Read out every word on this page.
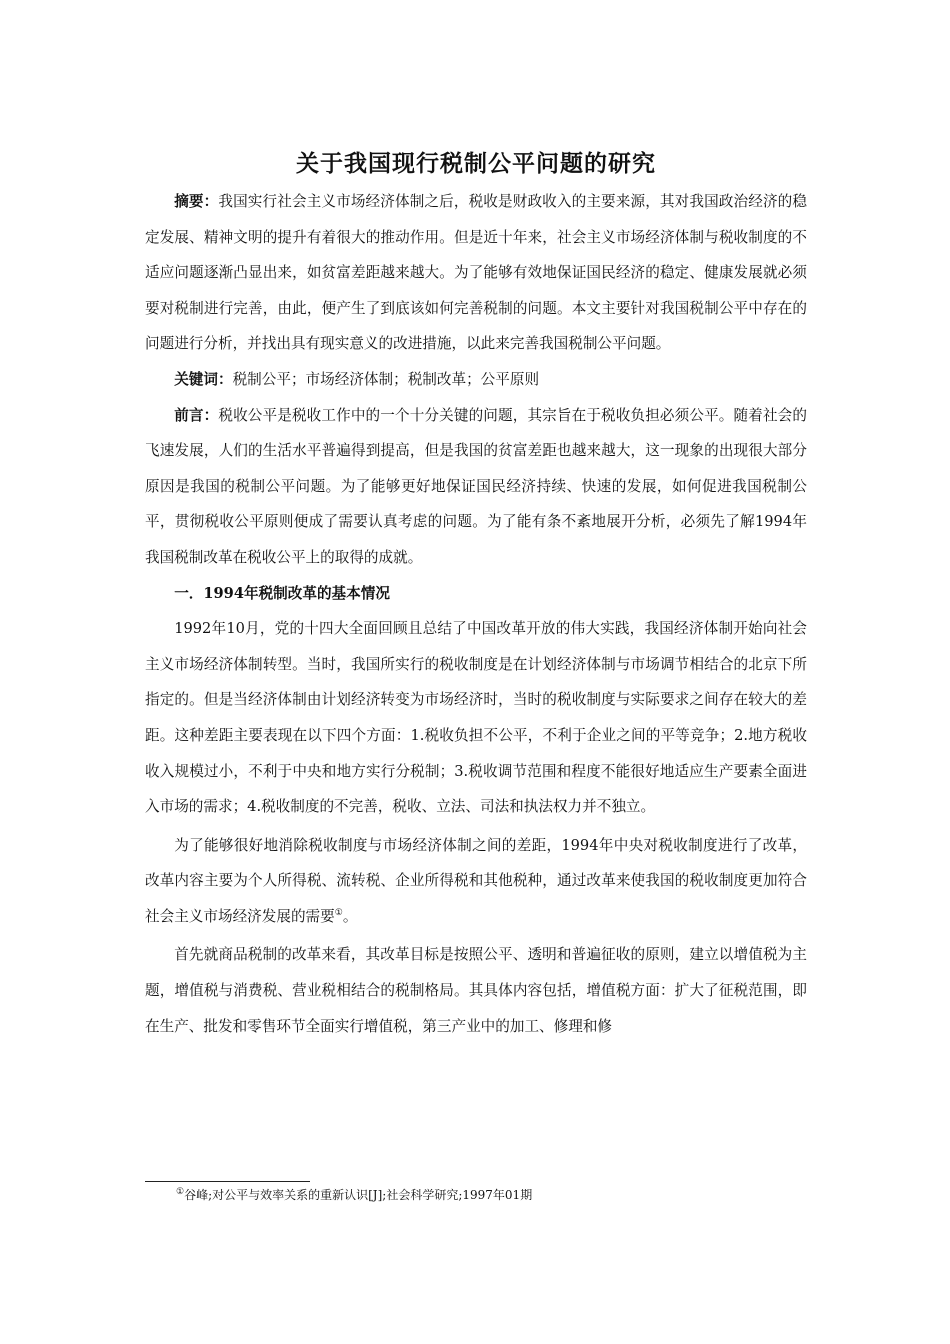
关于我国现行税制公平问题的研究

摘要：我国实行社会主义市场经济体制之后，税收是财政收入的主要来源，其对我国政治经济的稳定发展、精神文明的提升有着很大的推动作用。但是近十年来，社会主义市场经济体制与税收制度的不适应问题逐渐凸显出来，如贫富差距越来越大。为了能够有效地保证国民经济的稳定、健康发展就必须要对税制进行完善，由此，便产生了到底该如何完善税制的问题。本文主要针对我国税制公平中存在的问题进行分析，并找出具有现实意义的改进措施，以此来完善我国税制公平问题。

关键词：税制公平；市场经济体制；税制改革；公平原则

前言：税收公平是税收工作中的一个十分关键的问题，其宗旨在于税收负担必须公平。随着社会的飞速发展，人们的生活水平普遍得到提高，但是我国的贫富差距也越来越大，这一现象的出现很大部分原因是我国的税制公平问题。为了能够更好地保证国民经济持续、快速的发展，如何促进我国税制公平，贯彻税收公平原则便成了需要认真考虑的问题。为了能有条不紊地展开分析，必须先了解1994年我国税制改革在税收公平上的取得的成就。

一．1994年税制改革的基本情况

1992年10月，党的十四大全面回顾且总结了中国改革开放的伟大实践，我国经济体制开始向社会主义市场经济体制转型。当时，我国所实行的税收制度是在计划经济体制与市场调节相结合的北京下所指定的。但是当经济体制由计划经济转变为市场经济时，当时的税收制度与实际要求之间存在较大的差距。这种差距主要表现在以下四个方面：1.税收负担不公平，不利于企业之间的平等竞争；2.地方税收收入规模过小，不利于中央和地方实行分税制；3.税收调节范围和程度不能很好地适应生产要素全面进入市场的需求；4.税收制度的不完善，税收、立法、司法和执法权力并不独立。

为了能够很好地消除税收制度与市场经济体制之间的差距，1994年中央对税收制度进行了改革，改革内容主要为个人所得税、流转税、企业所得税和其他税种，通过改革来使我国的税收制度更加符合社会主义市场经济发展的需要①。

首先就商品税制的改革来看，其改革目标是按照公平、透明和普遍征收的原则，建立以增值税为主题，增值税与消费税、营业税相结合的税制格局。其具体内容包括，增值税方面：扩大了征税范围，即在生产、批发和零售环节全面实行增值税，第三产业中的加工、修理和修

①谷峰;对公平与效率关系的重新认识[J];社会科学研究;1997年01期
